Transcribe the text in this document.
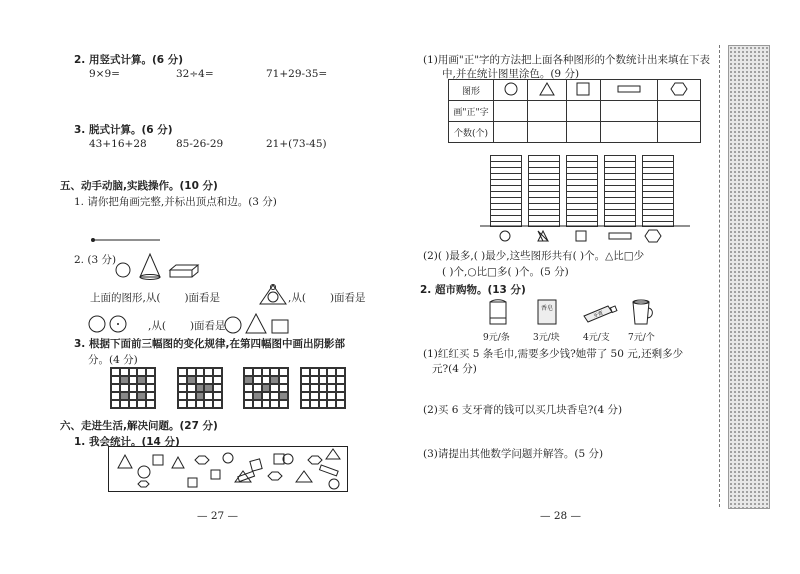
2. 用竖式计算。(6 分)
9×9=	32÷4=	71+29-35=
3. 脱式计算。(6 分)
43+16+28	85-26-29	21+(73-45)
五、动手动脑,实践操作。(10 分)
1. 请你把角画完整,并标出顶点和边。(3 分)
2. (3 分)
上面的图形,从( )面看是	,从( )面看是
,从( )面看是
3. 根据下面前三幅图的变化规律,在第四幅图中画出阴影部
分。(4 分)
六、走进生活,解决问题。(27 分)
1. 我会统计。(14 分)
— 27 —
(1)用画"正"字的方法把上面各种图形的个数统计出来填在下表
中,并在统计图里涂色。(9 分)
图形					
画"正"字					
个数(个)					
(2)( )最多,( )最少,这些图形共有( )个。△比□少
( )个,○比□多( )个。(5 分)
2. 超市购物。(13 分)
香皂
牙膏
9元/条	3元/块	4元/支 7元/个
(1)红红买 5 条毛巾,需要多少钱?她带了 50 元,还剩多少
元?(4 分)
(2)买 6 支牙膏的钱可以买几块香皂?(4 分)
(3)请提出其他数学问题并解答。(5 分)
— 28 —
